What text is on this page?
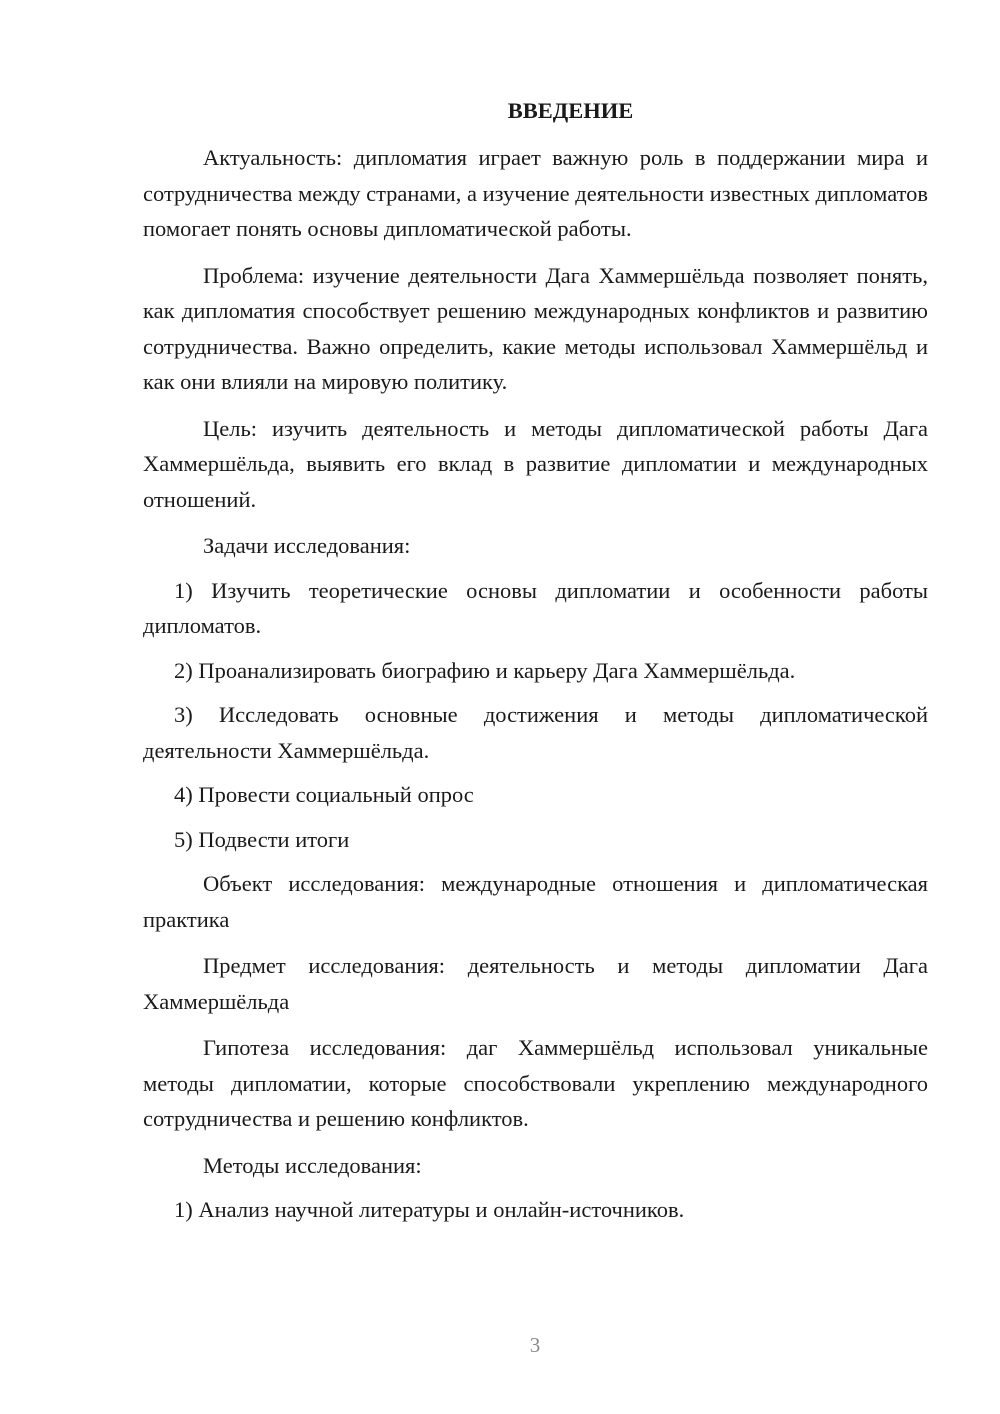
ВВЕДЕНИЕ

Актуальность: дипломатия играет важную роль в поддержании мира и сотрудничества между странами, а изучение деятельности известных дипломатов помогает понять основы дипломатической работы.

Проблема: изучение деятельности Дага Хаммершёльда позволяет понять, как дипломатия способствует решению международных конфликтов и развитию сотрудничества. Важно определить, какие методы использовал Хаммершёльд и как они влияли на мировую политику.

Цель: изучить деятельность и методы дипломатической работы Дага Хаммершёльда, выявить его вклад в развитие дипломатии и международных отношений.

Задачи исследования:

1) Изучить теоретические основы дипломатии и особенности работы дипломатов.

2) Проанализировать биографию и карьеру Дага Хаммершёльда.

3) Исследовать основные достижения и методы дипломатической деятельности Хаммершёльда.

4) Провести социальный опрос

5) Подвести итоги

Объект исследования: международные отношения и дипломатическая практика

Предмет исследования: деятельность и методы дипломатии Дага Хаммершёльда

Гипотеза исследования: даг Хаммершёльд использовал уникальные методы дипломатии, которые способствовали укреплению международного сотрудничества и решению конфликтов.

Методы исследования:

1) Анализ научной литературы и онлайн-источников.

3
